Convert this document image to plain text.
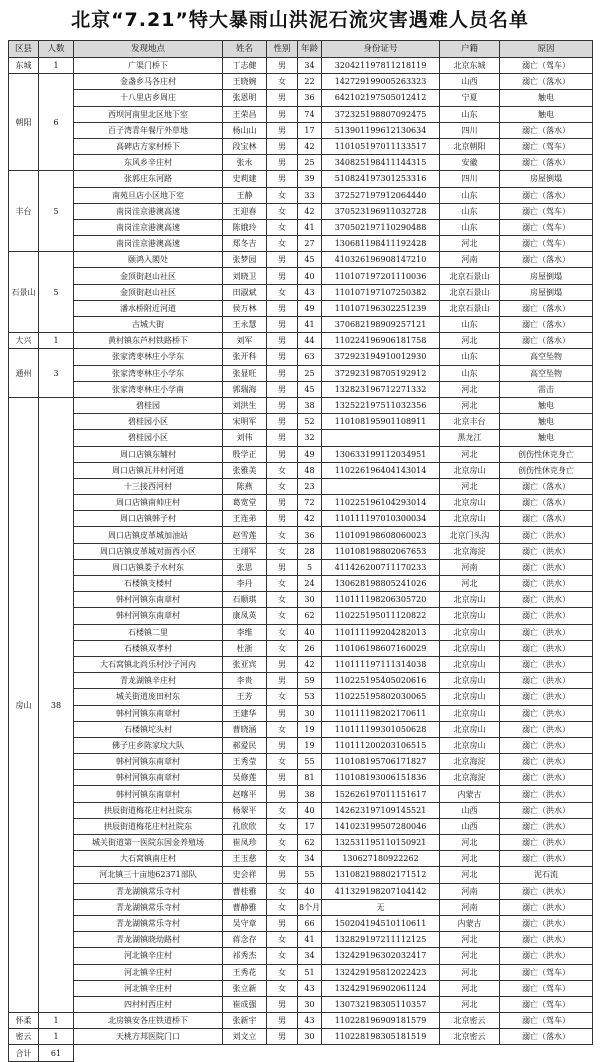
北京“7.21”特大暴雨山洪泥石流灾害遇难人员名单
区县	人数	发现地点	姓名	性别	年龄	身份证号	户籍	原因
东城	1	广渠门桥下	丁志健	男	34	320421197811218119	北京东城	溺亡（驾车）
朝阳	6	金盏乡马各庄村	王晓婉	女	22	142729199005263323	山西	溺亡（落水）
		十八里店乡周庄	张恩明	男	36	642102197505012412	宁夏	触电
		西坝河南里北区地下室	王荣昌	男	74	372325198807092475	山东	触电
		百子湾青年餐厅外草地	杨山山	男	17	513901199612130634	四川	溺亡（落水）
		高碑店方家村桥下	段宝林	男	42	110105197011133517	北京朝阳	溺亡（驾车）
		东风乡辛庄村	张永	男	25	340825198411144315	安徽	溺亡（落水）
丰台	5	张郭庄东河路	史莉建	男	39	510824197301253316	四川	房屋倒塌
		南苑旦店小区地下室	王静	女	33	372527197912064440	山东	溺亡（落水）
		南岗洼京港澳高速	王迎春	女	42	370523196911032728	山东	溺亡（驾车）
		南岗洼京港澳高速	陈娥玲	女	41	370502197110290488	山东	溺亡（驾车）
		南岗洼京港澳高速	郑冬吉	女	27	130681198411192428	河北	溺亡（驾车）
石景山	5	颐鸿入閣处	张梦园	男	45	410326196908147210	河南	溺亡（落水）
		金顶街赵山社区	刘晓卫	男	40	110107197201110036	北京石景山	房屋倒塌
		金顶街赵山社区	田淑斌	女	43	110107197107250382	北京石景山	房屋倒塌
		潘水桥附近河道	侯万林	男	49	110107196302251239	北京石景山	溺亡（落水）
		古城大街	王永慧	男	41	370682198909257121	山东	溺亡（落水）
大兴	1	黄村镇东芦村铁路桥下	刘军	男	44	110224196906181758	河北	溺亡（落水）
通州	3	张家湾枣林庄小学东	张开科	男	63	372923194910012930	山东	高空坠物
		张家湾枣林庄小学东	张显旺	男	25	372923198705192912	山东	高空坠物
		张家湾枣林庄小学南	郭瑞海	男	45	132823196712271332	河北	雷击
房山	38	碧桂园	刘洪生	男	38	132522197511032356	河北	触电
		碧桂园小区	宋明军	男	52	110108195901108911	北京丰台	触电
		碧桂园小区	刘伟	男	32		黑龙江	触电
		周口店镇东辅村	殷学正	男	49	130633199112034951	河北	创伤性休克身亡
		周口店镇瓦井村河道	张雅美	女	48	110226196404143014	北京房山	创伤性休克身亡
		十三接西河村	陈燕	女	23		河北	溺亡（落水）
		周口店镇南帅庄村	葛宽堂	男	72	110225196104293014	北京房山	溺亡（落水）
		周口店镇韩子村	王连弟	男	42	110111197010300034	北京房山	溺亡（落水）
		周口店镇皮革城加油站	赵雪莲	女	36	110109198608060023	北京门头沟	溺亡（洪水）
		周口店镇皮革城对面西小区	王翊军	女	28	110108198802067653	北京海淀	溺亡（洪水）
		周口店镇娄子水村东	张思	男	5	411426200711170233	河南	溺亡（洪水）
		石楼镇支楼村	李丹	女	24	130628198805241026	河北	溺亡（洪水）
		韩村河镇东南章村	石顺琪	女	30	110111198206305720	北京房山	溺亡（洪水）
		韩村河镇东南章村	康凤英	女	62	110225195011120822	北京房山	溺亡（洪水）
		石楼镇二里	李维	女	40	110111199204282013	北京房山	溺亡（洪水）
		石楼镇双孝村	杜浙	女	26	110106198607160029	北京房山	溺亡（洪水）
		大石窝镇北尚乐村沙子河内	张亚宾	男	42	110111197111314038	北京房山	溺亡（洪水）
		青龙湖镇辛庄村	李贵	男	59	110225195405020616	北京房山	溺亡（洪水）
		城关街道庞田村东	王芳	女	53	110225195802030065	北京房山	溺亡（洪水）
		韩村河镇东南章村	王建华	男	30	110111198202170611	北京房山	溺亡（洪水）
		石楼镇坨头村	曹晓涵	女	19	110111199301050628	北京房山	溺亡（洪水）
		佛子庄乡陈家坟大队	郝爱民	男	19	110111200203106515	北京房山	溺亡（洪水）
		韩村河镇东南章村	王秀莹	女	55	110108195706171827	北京海淀	溺亡（洪水）
		韩村河镇东南章村	吴修莲	男	81	110108193006151836	北京海淀	溺亡（洪水）
		韩村河镇东南章村	赵喀平	男	38	152626197011151617	内蒙古	溺亡（洪水）
		拱辰街道梅花庄村社院东	杨翠平	女	40	142623197109145521	山西	溺亡（洪水）
		拱辰街道梅花庄村社院东	孔欣欣	女	17	141023199507280046	山西	溺亡（洪水）
		城关街道第一医院东国金养殖场	崔凤珍	女	62	132531195110150921	河北	溺亡（洪水）
		大石窝镇南庄村	王玉慈	女	34	130627180922262	河北	溺亡（洪水）
		河北镇三十亩地62371部队	史会祥	男	55	131082198802171512	河北	泥石流
		青龙湖镇常乐寺村	曹桂雅	女	40	411329198207104142	河南	溺亡（洪水）
		青龙湖镇常乐寺村	曹静雅	女	8个月	无	河南	溺亡（洪水）
		青龙湖镇常乐寺村	吴守章	男	66	150204194510110611	内蒙古	溺亡（洪水）
		青龙湖镇晓幼路村	蒋念存	女	41	132829197211112125	河北	溺亡（洪水）
		河北镇辛庄村	祁秀杰	女	34	132429196302032417	河北	溺亡（洪水）
		河北镇辛庄村	王秀花	女	51	132429195812022423	河北	溺亡（驾车）
		河北镇辛庄村	张立新	女	43	132429196902061124	河北	溺亡（驾车）
		四村村西庄村	崔成强	男	30	130732198305110357	河北	溺亡（驾车）
怀柔	1	北房镇安各庄铁道桥下	张新宇	男	43	110228196909181579	北京密云	溺亡（驾车）
密云	1	天桃方邦医院门口	刘文立	男	30	110228198305181519	北京密云	溺亡（落水）
合计	61							
